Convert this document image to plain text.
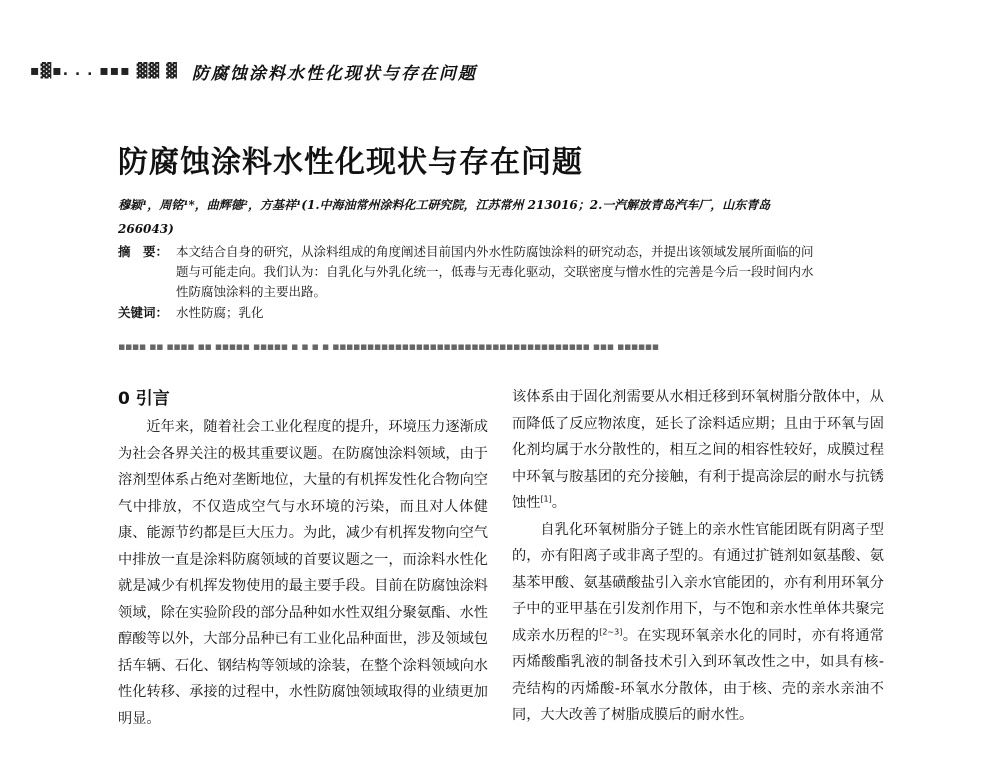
▪▓▪. . . ▪▪▪ ▓▓ ▓ 防腐蚀涂料水性化现状与存在问题
防腐蚀涂料水性化现状与存在问题
穆颖¹，周铭¹*，曲辉德²，方基祥¹(1.中海油常州涂料化工研究院，江苏常州 213016；2.一汽解放青岛汽车厂，山东青岛 266043)
摘　要： 本文结合自身的研究，从涂料组成的角度阐述目前国内外水性防腐蚀涂料的研究动态，并提出该领域发展所面临的问题与可能走向。我们认为：自乳化与外乳化统一，低毒与无毒化驱动，交联密度与憎水性的完善是今后一段时间内水性防腐蚀涂料的主要出路。
关键词： 水性防腐；乳化
▪▪▪▪ ▪▪ ▪▪▪▪ ▪▪ ▪▪▪▪▪ ▪▪▪▪▪ ▪ ▪ ▪ ▪ ▪▪▪▪▪▪▪▪▪▪▪▪▪▪▪▪▪▪▪▪▪▪▪▪▪▪▪▪▪▪▪▪▪▪▪▪▪ ▪▪▪ ▪▪▪▪▪▪
0 引言

近年来，随着社会工业化程度的提升，环境压力逐渐成为社会各界关注的极其重要议题。在防腐蚀涂料领域，由于溶剂型体系占绝对垄断地位，大量的有机挥发性化合物向空气中排放，不仅造成空气与水环境的污染，而且对人体健康、能源节约都是巨大压力。为此，减少有机挥发物向空气中排放一直是涂料防腐领域的首要议题之一，而涂料水性化就是减少有机挥发物使用的最主要手段。目前在防腐蚀涂料领域，除在实验阶段的部分品种如水性双组分聚氨酯、水性醇酸等以外，大部分品种已有工业化品种面世，涉及领域包括车辆、石化、钢结构等领域的涂装，在整个涂料领域向水性化转移、承接的过程中，水性防腐蚀领域取得的业绩更加明显。

该体系由于固化剂需要从水相迁移到环氧树脂分散体中，从而降低了反应物浓度，延长了涂料适应期；且由于环氧与固化剂均属于水分散性的，相互之间的相容性较好，成膜过程中环氧与胺基团的充分接触，有利于提高涂层的耐水与抗锈蚀性[1]。

自乳化环氧树脂分子链上的亲水性官能团既有阴离子型的，亦有阳离子或非离子型的。有通过扩链剂如氨基酸、氨基苯甲酸、氨基磺酸盐引入亲水官能团的，亦有利用环氧分子中的亚甲基在引发剂作用下，与不饱和亲水性单体共聚完成亲水历程的[2~3]。在实现环氧亲水化的同时，亦有将通常丙烯酸酯乳液的制备技术引入到环氧改性之中，如具有核-壳结构的丙烯酸-环氧水分散体，由于核、壳的亲水亲油不同，大大改善了树脂成膜后的耐水性。
